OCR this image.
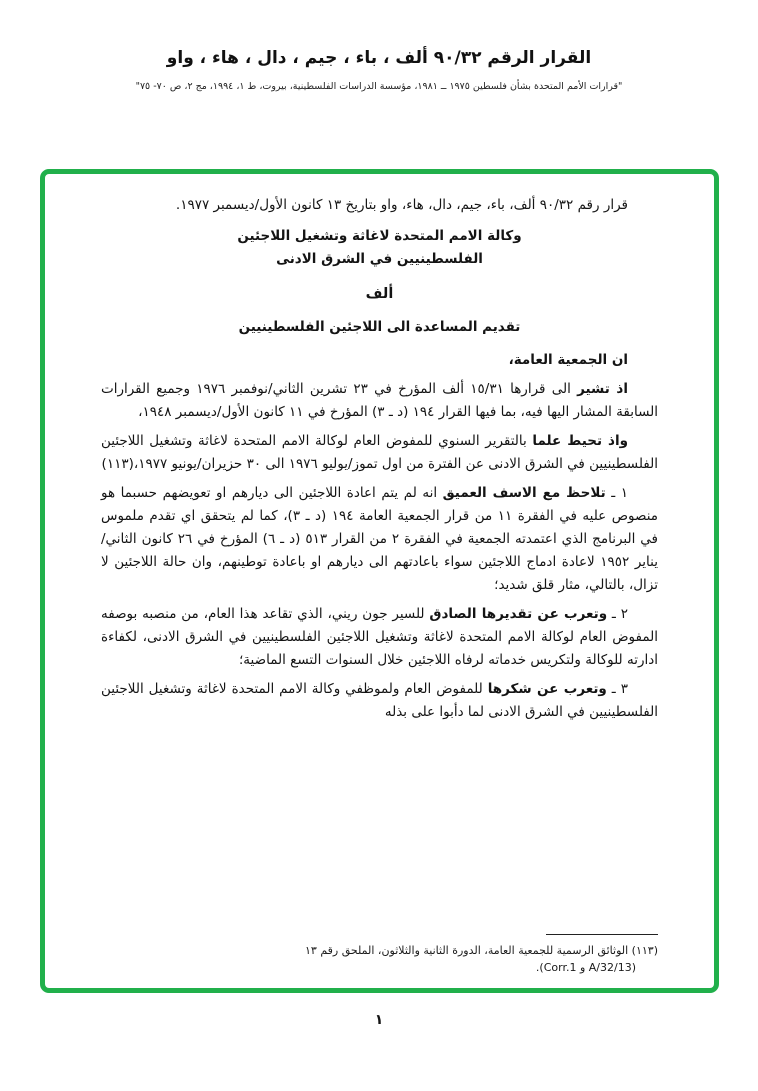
القرار الرقم ٩٠/٣٢ ألف ، باء ، جيم ، دال ، هاء ، واو
"قرارات الأمم المتحدة بشأن فلسطين ١٩٧٥ ــ ١٩٨١، مؤسسة الدراسات الفلسطينية، بيروت، ط ١، ١٩٩٤، مج ٢، ص ٧٠- ٧٥"

قرار رقم ٩٠/٣٢ ألف، باء، جيم، دال، هاء، واو بتاريخ ١٣ كانون الأول/ديسمبر ١٩٧٧.

وكالة الامم المتحدة لاغاثة وتشغيل اللاجئين

الفلسطينيين في الشرق الادنى

ألف

تقديم المساعدة الى اللاجئين الفلسطينيين

ان الجمعية العامة،

اذ تشير الى قرارها ١٥/٣١ ألف المؤرخ في ٢٣ تشرين الثاني/نوفمبر ١٩٧٦ وجميع القرارات السابقة المشار اليها فيه، بما فيها القرار ١٩٤ (د ـ ٣) المؤرخ في ١١ كانون الأول/ديسمبر ١٩٤٨،

واذ تحيط علما بالتقرير السنوي للمفوض العام لوكالة الامم المتحدة لاغاثة وتشغيل اللاجئين الفلسطينيين في الشرق الادنى عن الفترة من اول تموز/يوليو ١٩٧٦ الى ٣٠ حزيران/يونيو ١٩٧٧،(١١٣)

١ ـ تلاحظ مع الاسف العميق انه لم يتم اعادة اللاجئين الى ديارهم او تعويضهم حسبما هو منصوص عليه في الفقرة ١١ من قرار الجمعية العامة ١٩٤ (د ـ ٣)، كما لم يتحقق اي تقدم ملموس في البرنامج الذي اعتمدته الجمعية في الفقرة ٢ من القرار ٥١٣ (د ـ ٦) المؤرخ في ٢٦ كانون الثاني/يناير ١٩٥٢ لاعادة ادماج اللاجئين سواء باعادتهم الى ديارهم او باعادة توطينهم، وان حالة اللاجئين لا تزال، بالتالي، مثار قلق شديد؛

٢ ـ وتعرب عن تقديرها الصادق للسير جون ريني، الذي تقاعد هذا العام، من منصبه بوصفه المفوض العام لوكالة الامم المتحدة لاغاثة وتشغيل اللاجئين الفلسطينيين في الشرق الادنى، لكفاءة ادارته للوكالة ولتكريس خدماته لرفاه اللاجئين خلال السنوات التسع الماضية؛

٣ ـ وتعرب عن شكرها للمفوض العام ولموظفي وكالة الامم المتحدة لاغاثة وتشغيل اللاجئين الفلسطينيين في الشرق الادنى لما دأبوا على بذله

(١١٣) الوثائق الرسمية للجمعية العامة، الدورة الثانية والثلاثون، الملحق رقم ١٣
(A/32/13 و Corr.1).
١
